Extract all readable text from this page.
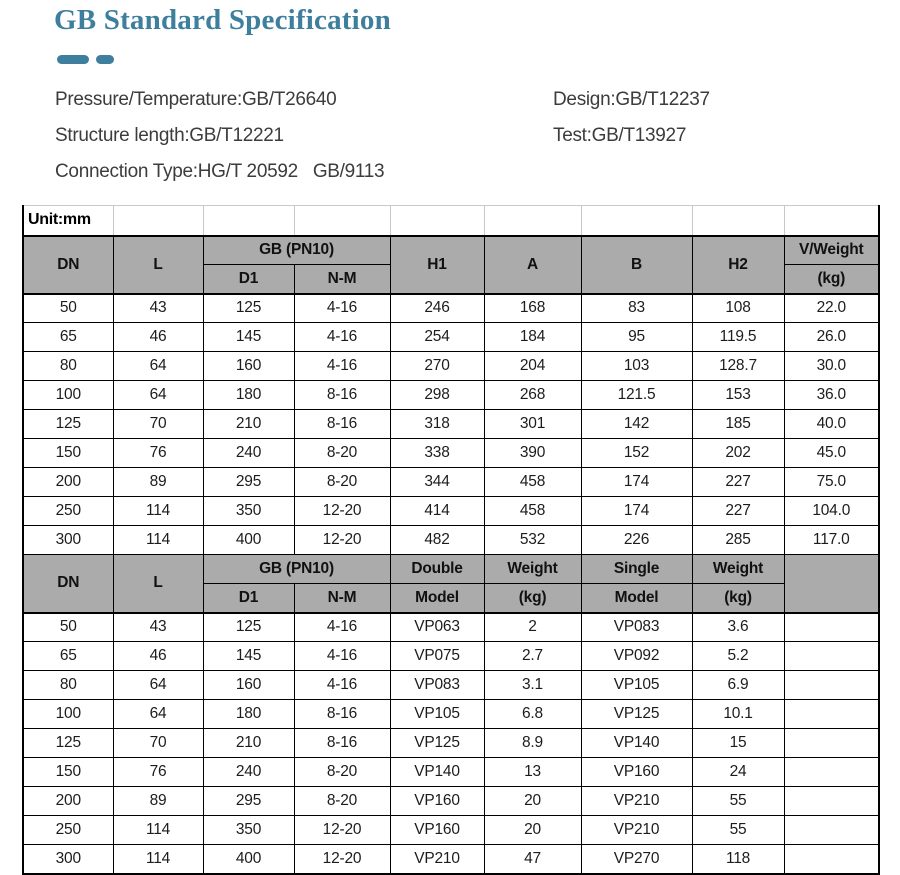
GB Standard Specification
Pressure/Temperature:GB/T26640	Design:GB/T12237
Structure length:GB/T12221	Test:GB/T13927
Connection Type:HG/T 20592   GB/9113
Unit:mm								
DN	L	GB (PN10)		H1	A	B	H2	V/Weight
		D1	N-M					(kg)
50	43	125	4-16	246	168	83	108	22.0
65	46	145	4-16	254	184	95	119.5	26.0
80	64	160	4-16	270	204	103	128.7	30.0
100	64	180	8-16	298	268	121.5	153	36.0
125	70	210	8-16	318	301	142	185	40.0
150	76	240	8-20	338	390	152	202	45.0
200	89	295	8-20	344	458	174	227	75.0
250	114	350	12-20	414	458	174	227	104.0
300	114	400	12-20	482	532	226	285	117.0
DN	L	GB (PN10)		Double	Weight	Single	Weight	
		D1	N-M	Model	(kg)	Model	(kg)	
50	43	125	4-16	VP063	2	VP083	3.6	
65	46	145	4-16	VP075	2.7	VP092	5.2	
80	64	160	4-16	VP083	3.1	VP105	6.9	
100	64	180	8-16	VP105	6.8	VP125	10.1	
125	70	210	8-16	VP125	8.9	VP140	15	
150	76	240	8-20	VP140	13	VP160	24	
200	89	295	8-20	VP160	20	VP210	55	
250	114	350	12-20	VP160	20	VP210	55	
300	114	400	12-20	VP210	47	VP270	118	
